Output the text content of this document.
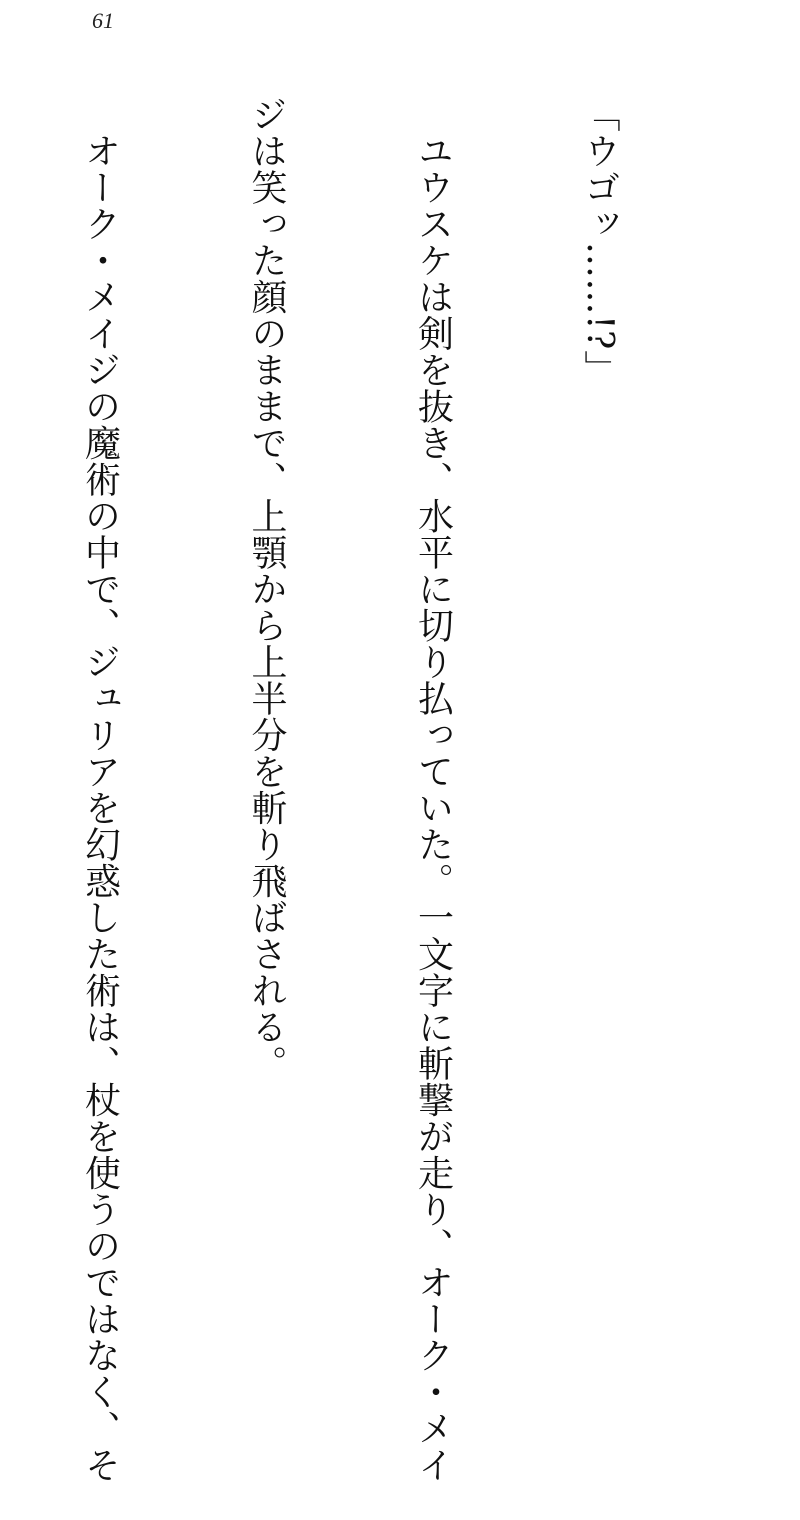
61

「ウゴッ……!?」

　ユウスケは剣を抜き、水平に切り払っていた。一文字に斬撃が走り、オーク・メイ

ジは笑った顔のままで、上顎から上半分を斬り飛ばされる。

　オーク・メイジの魔術の中で、ジュリアを幻惑した術は、杖を使うのではなく、そ
